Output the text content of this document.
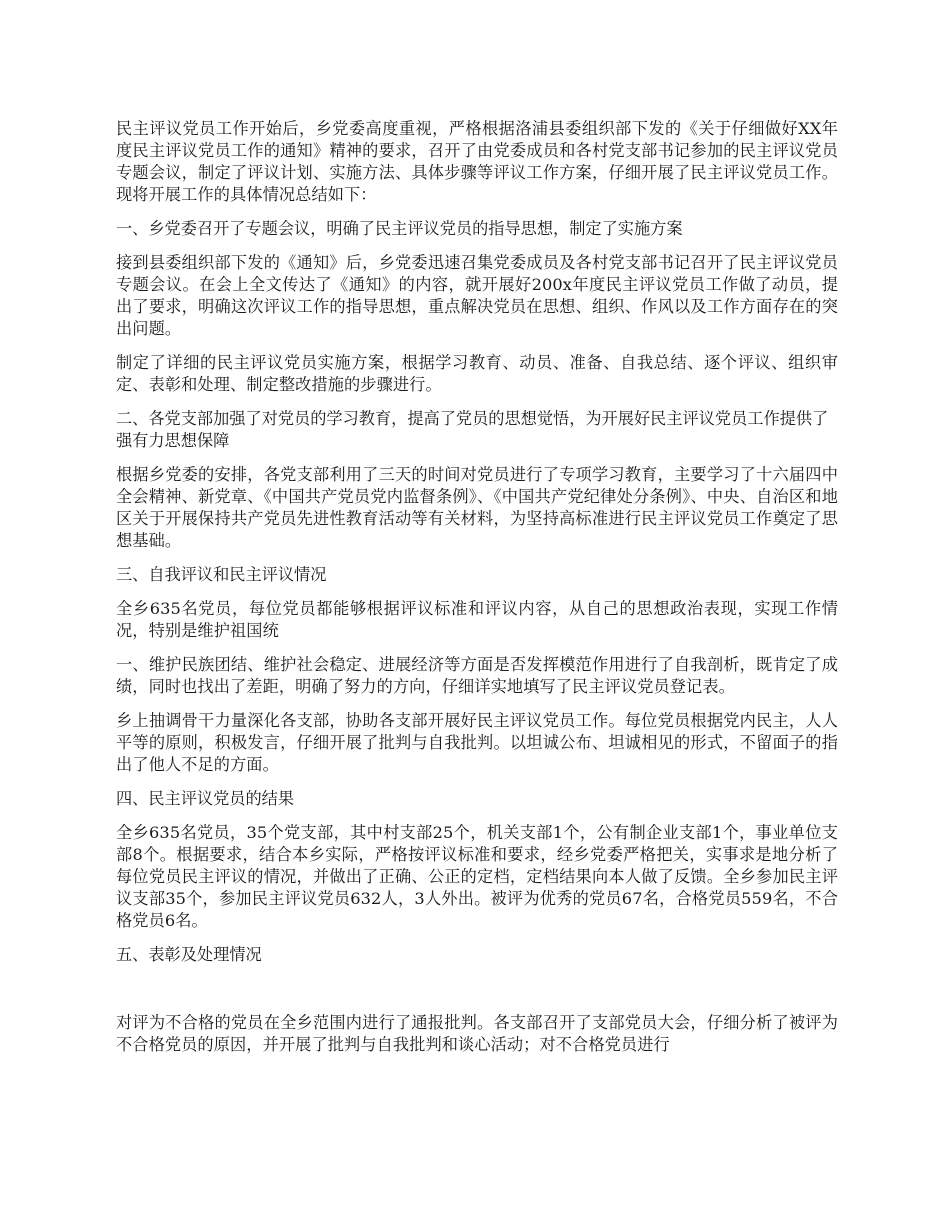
民主评议党员工作开始后，乡党委高度重视，严格根据洛浦县委组织部下发的《关于仔细做好XX年度民主评议党员工作的通知》精神的要求，召开了由党委成员和各村党支部书记参加的民主评议党员专题会议，制定了评议计划、实施方法、具体步骤等评议工作方案，仔细开展了民主评议党员工作。现将开展工作的具体情况总结如下：

一、乡党委召开了专题会议，明确了民主评议党员的指导思想，制定了实施方案

接到县委组织部下发的《通知》后，乡党委迅速召集党委成员及各村党支部书记召开了民主评议党员专题会议。在会上全文传达了《通知》的内容，就开展好200x年度民主评议党员工作做了动员，提出了要求，明确这次评议工作的指导思想，重点解决党员在思想、组织、作风以及工作方面存在的突出问题。

制定了详细的民主评议党员实施方案，根据学习教育、动员、准备、自我总结、逐个评议、组织审定、表彰和处理、制定整改措施的步骤进行。

二、各党支部加强了对党员的学习教育，提高了党员的思想觉悟，为开展好民主评议党员工作提供了强有力思想保障

根据乡党委的安排，各党支部利用了三天的时间对党员进行了专项学习教育，主要学习了十六届四中全会精神、新党章、《中国共产党员党内监督条例》、《中国共产党纪律处分条例》、中央、自治区和地区关于开展保持共产党员先进性教育活动等有关材料，为坚持高标准进行民主评议党员工作奠定了思想基础。

三、自我评议和民主评议情况

全乡635名党员，每位党员都能够根据评议标准和评议内容，从自己的思想政治表现，实现工作情况，特别是维护祖国统

一、维护民族团结、维护社会稳定、进展经济等方面是否发挥模范作用进行了自我剖析，既肯定了成绩，同时也找出了差距，明确了努力的方向，仔细详实地填写了民主评议党员登记表。

乡上抽调骨干力量深化各支部，协助各支部开展好民主评议党员工作。每位党员根据党内民主，人人平等的原则，积极发言，仔细开展了批判与自我批判。以坦诚公布、坦诚相见的形式，不留面子的指出了他人不足的方面。

四、民主评议党员的结果

全乡635名党员，35个党支部，其中村支部25个，机关支部1个，公有制企业支部1个，事业单位支部8个。根据要求，结合本乡实际，严格按评议标准和要求，经乡党委严格把关，实事求是地分析了每位党员民主评议的情况，并做出了正确、公正的定档，定档结果向本人做了反馈。全乡参加民主评议支部35个，参加民主评议党员632人，3人外出。被评为优秀的党员67名，合格党员559名，不合格党员6名。

五、表彰及处理情况

对评为不合格的党员在全乡范围内进行了通报批判。各支部召开了支部党员大会，仔细分析了被评为不合格党员的原因，并开展了批判与自我批判和谈心活动；对不合格党员进行
